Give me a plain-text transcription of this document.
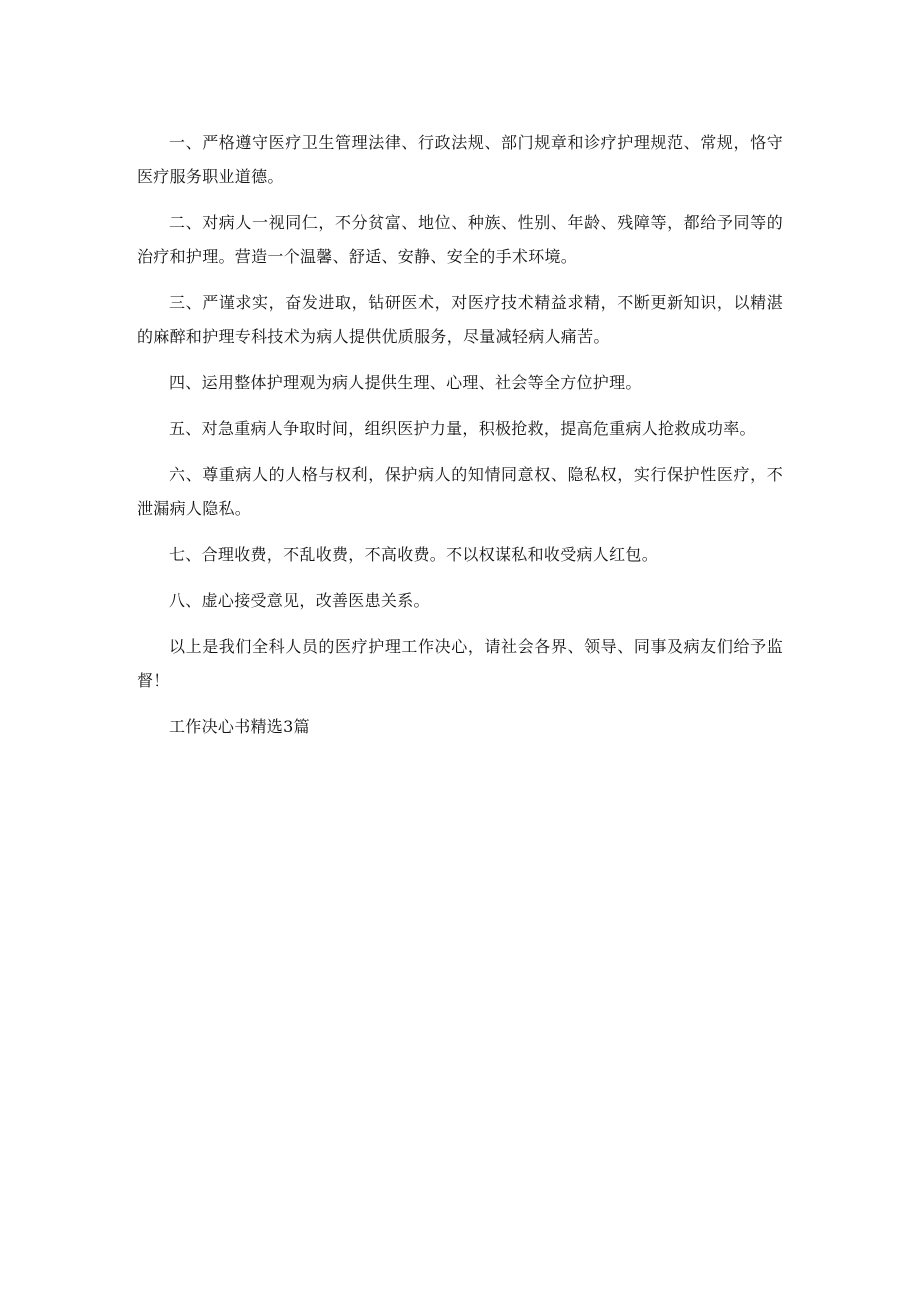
一、严格遵守医疗卫生管理法律、行政法规、部门规章和诊疗护理规范、常规，恪守医疗服务职业道德。

二、对病人一视同仁，不分贫富、地位、种族、性别、年龄、残障等，都给予同等的治疗和护理。营造一个温馨、舒适、安静、安全的手术环境。

三、严谨求实，奋发进取，钻研医术，对医疗技术精益求精，不断更新知识，以精湛的麻醉和护理专科技术为病人提供优质服务，尽量减轻病人痛苦。

四、运用整体护理观为病人提供生理、心理、社会等全方位护理。

五、对急重病人争取时间，组织医护力量，积极抢救，提高危重病人抢救成功率。

六、尊重病人的人格与权利，保护病人的知情同意权、隐私权，实行保护性医疗，不泄漏病人隐私。

七、合理收费，不乱收费，不高收费。不以权谋私和收受病人红包。

八、虚心接受意见，改善医患关系。

以上是我们全科人员的医疗护理工作决心，请社会各界、领导、同事及病友们给予监督！

工作决心书精选3篇
